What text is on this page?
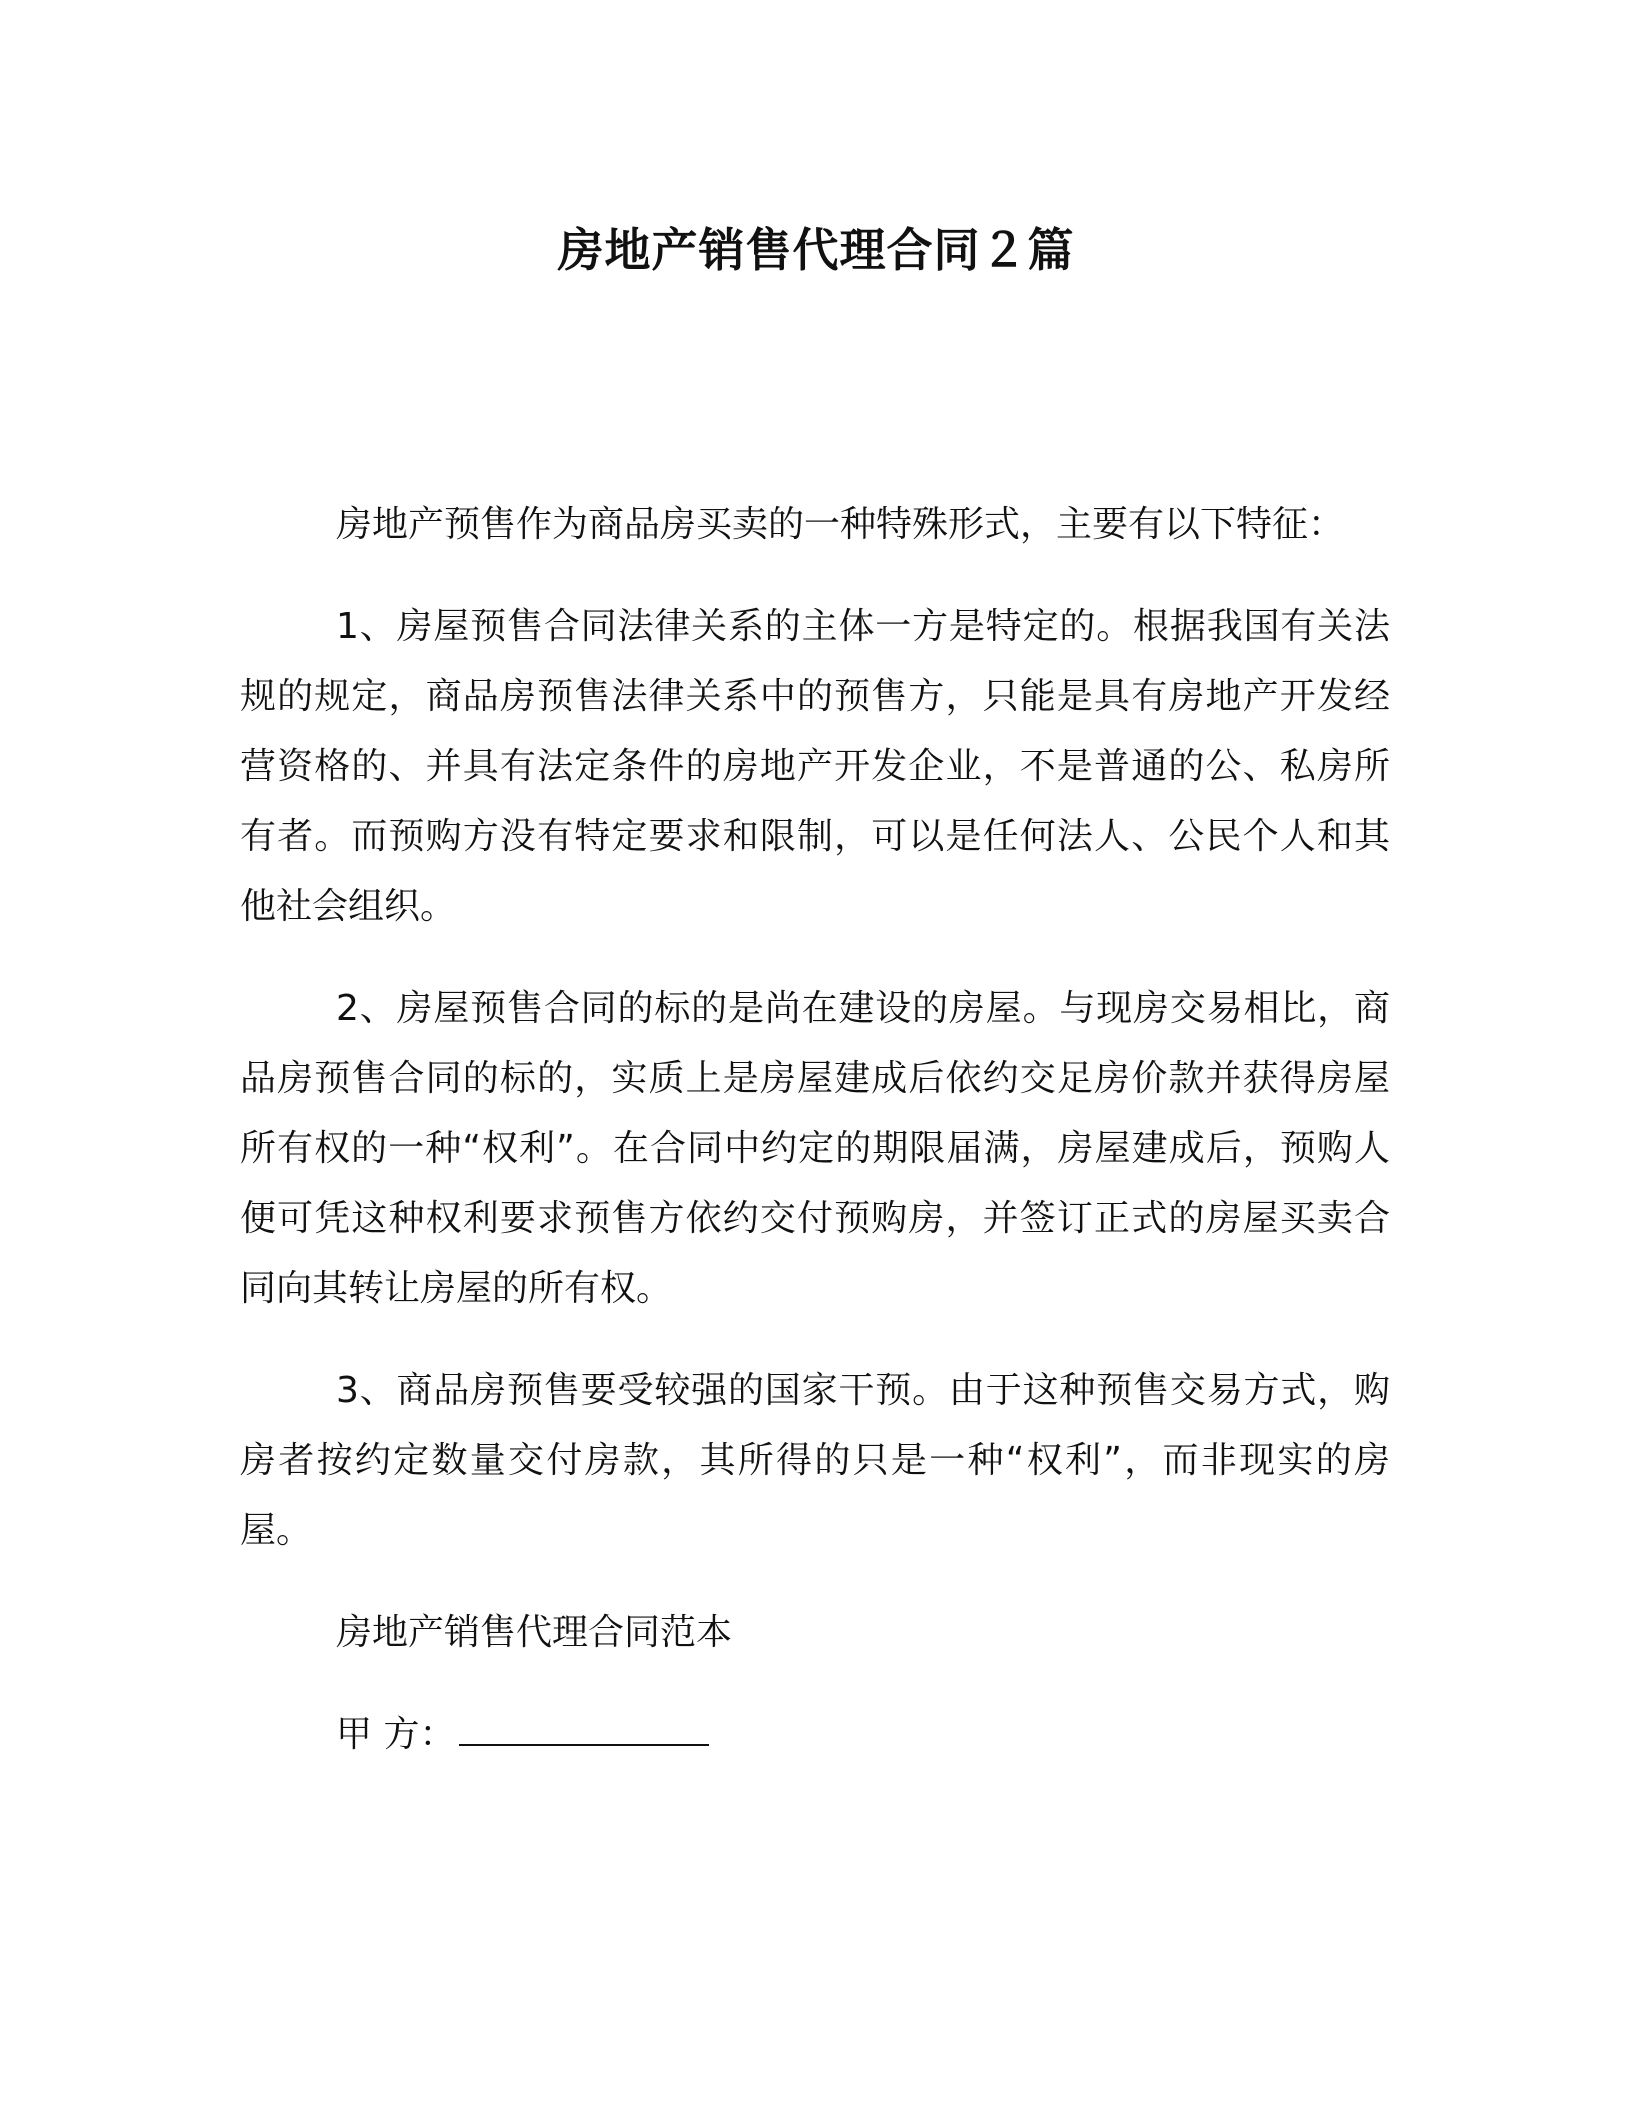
房地产销售代理合同２篇

房地产预售作为商品房买卖的一种特殊形式，主要有以下特征：

1、房屋预售合同法律关系的主体一方是特定的。根据我国有关法规的规定，商品房预售法律关系中的预售方，只能是具有房地产开发经营资格的、并具有法定条件的房地产开发企业，不是普通的公、私房所有者。而预购方没有特定要求和限制，可以是任何法人、公民个人和其他社会组织。

2、房屋预售合同的标的是尚在建设的房屋。与现房交易相比，商品房预售合同的标的，实质上是房屋建成后依约交足房价款并获得房屋所有权的一种“权利”。在合同中约定的期限届满，房屋建成后，预购人便可凭这种权利要求预售方依约交付预购房，并签订正式的房屋买卖合同向其转让房屋的所有权。

3、商品房预售要受较强的国家干预。由于这种预售交易方式，购房者按约定数量交付房款，其所得的只是一种“权利”，而非现实的房屋。

房地产销售代理合同范本

甲 方：
